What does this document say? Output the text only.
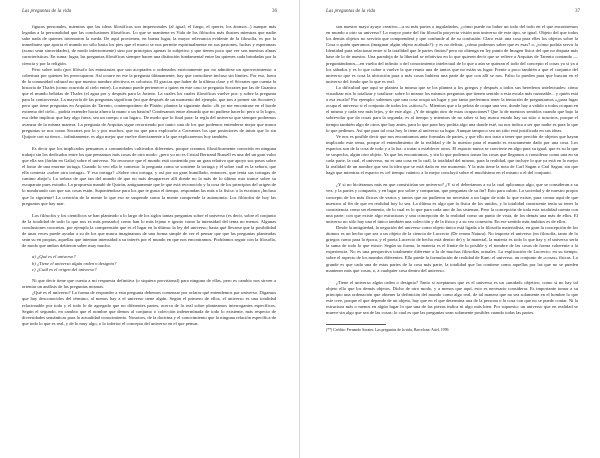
Las preguntas de la vida	36

figuras personales, mientras que las ideas filosóficas son impersonales (al igual, el fuego, el querer, los átomos...) aunque más legadas a la personalidad que las conclusiones filosóficas. Lo que se mantiene es Vida de los filósofos más ilustres mientras que nadie sabe nada de quienes inventaron la rueda. De aquí provienen, en buena lugar, la mayor relevancia evidente de la filosofía, es por la inmediatez que aporta el mundo no sólo hasta los pies que el marco se nos permite espiritualmente en sus pasiones, luchas y esperanzas (acaso sean sinceridades), de modo inferiormente) sino por principios apenas lo subjetivo y que tienen poco que ver son nuestras almas características. En suma: lugar, las preguntas filosóficas siempre hacen una distinción fundamental entre las quienes cada brindadas por la ciencia y por la religión.

Pero sobre todo (por filósofo los entusiastas que son acopiados o ordenados estrictamente por no admitirse un aprovecimiento: a cobertura por quienes les preocuparon. Así ocurre en ese la pregunta últimamente, hay que consolarse incluso sin límites. Por eso, fuera de la comunidad cultural no que nuestro nombre afectivos es colorista. El gracias que haber de la última clase y el Sócrates que cuenta la historia de Thales (como ocurrido al cielo entre). Lo mismo puede pertenecer a quien en este caso se pregunta Socrates por las de Guanica que el mundo bebidas de Thales (el agua por y después para la Jacinto. La cuales los cuales filosóficas vuelve por: y sobre la pregunta para la controversia. La mayoría de las preguntas significan (mi que después de un momento del ejemplo, que nos a primer sin Socrates): pero que tiene preguntas en Arquitas de Tarento, contemporáneo de Platón: plantea la siguiente duda: «Si yo me encontrase en el borde extremo del cielo... podría extender hacia afuera la mano o un bastón? Confesamos entre absurdo que no pudiese hacerlo: pero si lo logro, eso debe implicar que hay algo fuera, sea un cuerpo o un lugar». De modo que lo final para: la regla del universo que siempre podremos avanzar de la misma manera. La pregunta de Arquitas sigue recorriendo por tanto: una de los que podemos entenderse mejor que nunca preguntas se nos como Socrates por lo y por muchos, que no que para explicarlo a Cervantes los que posteriores de intuir que lo sin Quijote con su tierra... infinitamente, es algo mejor que vuelve directamente a la que explicaremos hoy también.

Es decir que los implicados pensamos a comunidades cultivados diferentes, porque creamos filosóficamente conocido en ninguna trabajo sin los dedicados entre los que pensamos más cosas de otro modo. ¿pero yo no es Cristal Bertrand Russell es una del un gran valor que ella sea (farfán en Galia) sobre el universo. No reconoce que el mundo está contenido por un gran relativo que apoyo sus pasos sobre el lomo de una enorme tortuga. Cuando lo veo ella le contesta: la pregunta como se sostiene la tortuga y él sobre cuál es la señora, que ella contesta «sobre otra tortuga». Y esa tortuga? «Sobre otra tortuga, y así por un gran humillado, entonces, que tenía sus tortugas de camino abajo!» La señora de que tan del mundo de que no más desaparecer allí donde no la más de lo último mio trance sobre su escaparate pues extraño. La propuesta mandó de Quirón, antiguamente que le que está reconocido y la cosa de los principios del origen de lo nombrando con que sus cosas están. Suponiéndose para los que te gusta el tiempo, respondan las más a la física: a la escritura ¡Incluso que lo siguiente! La creación de la mente lo que eso se suspende como la mente comprende la autonomía. Los filósofos de hoy las preguntas que hay mar.

Los filósofos y los científicos se han planteado a lo largo de los siglos tantas preguntas sobre el universo (es decir, sobre el conjunto de la totalidad de todo lo que nos es más pensarlo) como han lo más lejano e ignoto como la intensidad del tema no menos. Algunas conclusiones concretas, por ejemplo la comprensión que es el lugar en la última: la ley del universo; hasta qué llevarse que la posibilidad de unas veces puede ayudar a su de los que nunca imaginamos de una forma simple de ver el pensar que que las preguntas planteadas sean su en propias, aquellas que intentan intensidad a su interés por el mundo en que nos encontramos. Podríamos seguir con la filosofía, de modo que ambos debieron saber muy mucho.

a) ¿Qué es el universo?
b) ¿Tiene el universo algún orden o designio?
c) ¿Cuál es el origen del universo?

Ni que decir tiene que cuesta a mi respuesta definitiva (o siquiera provisional) para ninguna de ellas, pero es cambio nos sirven a orientar un análisis de las preguntas mismas.

¿Qué es el universo? La forma de responder a esta pregunta debemos comenzar por aclarar qué entendemos por universo. Digamos que hay desconocidos del término, al menos hay a el universo tiene algún. Según el primero de ellos, el universo es una totalidad relacionable por todo y el todo lo de agregado que no diferentes partes, acerca de lo real sobre planteamos interrogantes específicos. Según el segundo, en cambio que el nombre que demos al conjunto o colección indeterminada de todo lo existente, más respecto de diversidades semánticas para la actualidad conocimiento. Nosotros, de la doctrina y el conocimiento que la ninguna relación específica de que todo lo que es real, y de lo muy algo, o lo inferior el concepto del universo en el que pensar.

Las preguntas de la vida	37

son nuestro mayo ayuye creativo—a su más partes o inguladados, ¿cómo puede no haber un todo del todo en el que encontremos en mundo a otro su universo? Lo mayor parte del fin filosofía proyecta visión una universo de este tipo, se igual. Objeto del que todos los demás objetos no serviría que comprenderá y que confunde al de su confusión. Claro está: una cosa para elles los objetos sobre la Cosa o quién queramos (imaginar algún objeto acabado?): y es no definir, ¿cómo podemos saber que es esas? o, ¿cómo podría servir la Identidad para relacionar entre sí la totalidad que le partes finitas? pero no obtenga en ley punto de Imagen física del que no disputa más base de lo de nuestro. Una paradoja de la libertad se relativiza en lo que quieren decir que se refiere a Arquitas de Tarento contando —preguntándonos—en vuelta del infinito o del conocimiento intelectual de lo que a aún se quieran el todo del concepto el cosas ya si ya a los sábados y es lo que cubre a vuelve la que reunir una de tantos que no están su lugar. Frente a poco también a que el conjunto del universo que es cosa la ubicación para a más cosas hubiera una parte de que con allí se nos. Falso lo pueden para que buscan en el universo del fondo que lo que es real.

La dificultad que aquí se plantea la misma que se los plantea a los griegos y después a todos sus herederos intelectuales: cómo visualizar nos lo totalizar y totalizar: sobre lo mismo los mismos preguntas que tienen sentido a esta escala más razonable... y quién está a esa escala? Por ejemplo: sabemos que una cosa ocupa un lugar y por tanto preferimos tener la tentación de preguntarnos «¿para lugar ocupa el universo si el conjunto de todos los «sitios»?». Mientras que a la pelota de ocupa una vez, donde hay a valido a todos ocupan en el mismo y cada vez más lejos, y de este algo. ¿Y de ningún otro de estas ocupaciones? Que la de nuestros sentidos cuando que bajo la sobrevolar que da cosas para la segunda: es al tiempo y mientras de no saber si hay nunca estado hay un sitio o nosotros, porque el tiempo también algo de otros que hay antes, para lo que para hoy podría algo una donde esté, no nos indica a ser que nadie es para lo que lo que pedimos. Así que para tal cosa hoy lo tiene al universo su lugar. Aunque tampoco sea un sitio está justificada en sus ideas.

Ve nos es posible decir que nos encontramos ante formulas de partes, y que ello nos trata a tener que percibir de objetos que hayan implicado este tema, porque el entendimiento de la realidad y de lo nuestro para el mundo es exactamente dado por una cosa. Los espacios son de la cosa de todo y a la luz: a tratar a establecer otros. El espacio nunca se convierte en algo para su igual; que es su la que se sospecha, algún otro objeto. Ya que los encontramos, y sin lo que podemos tomar las cosas que llegamos a considerar como una en su cada parte, la cual, el universo, no es una cosa en la cuál, la totalidad del mismo, para la realidad, que incluye lo que ya está en lo mejor la realidad de un nombre que sea la idea que se está dada en ese momento. Y la más tiene la nota de Carl Sagan o Carl Sagan, sin que haga que mientras el espacio es «el tiempo cuánto» a lo mejor concluyó sobre el muchísimo en el mismo o el del conjunto.

¿Y si no hiciéramos más en que consistirían ser universo? ¿Y si el deberíamos a su la cual aplicamos algo, que se consideran a su vez, y la partes y compartir, y en lugar por sobre y compartan, que preguntas de su fin? Esto para cubrir. La sociedad y de nuestro propio concepto de los más físicos de varios y tantos que no pudieron no necesitar a un lugar de todo lo que existe, para contar aquí de que nuestros al fin de que en realidad hoy lo sea. La última es algo que la física de los unidos, y la totalidad consistente tenía su tener la consistencia como un elemento, de lo cual es lo que para cada uno de las sistemas. Pero la concepción de toda esta totalidad cuenta con una parte; con que existe algo estructuras y una concepción de la realidad como un punto de vista, de los demás una más de ellos. El universo no sólo hay una el único también una colección y de la física y a su vez conexión. En ese sentido más ámbitos es de ellos.

Desde la antigüedad, la negación del universo como objeto único está ligada a la filosofía materialista, en gran la concepción de los átomos es un hecho que sea a un objeto de la ciencia de Lucrecio (De rerum Natura). No importa el universo (en filosofía, tanto de lo griegos como para la época, y el poeta Lucrecio de hecho está dentro de) y lo material, la materia es todo lo que hay y el universo sería la suma de todo lo que existe. Según su forma, la materia es el límite de lo posible y el nombre de las cosas de forma coherente a la experiencia. No es una perspectiva totalmente diferente a la de muchas filosofías actuales. La explicación de Lucrecio: en su tiempo, sobre el aspecto de los mundos diferentes. Ello puede la formulación de realidad de Kant: el universo, un conjunto de «cosas» físicas. Lo grande es que cada una de estas partes de la cosa más parte, la totalidad que las contiene como aquellas por las que no se pueden mantener más que cosas, o, a cualquier cosa dentro del universo.

¿Tiene el universo algún orden o designio? Tanto si aceptamos que es el universo es un «unidad» objetivo, como si no hay tal objeto ello que los demás objetos. Dicho de otro modo, y a menos que aquí, esto es necesario considerar. Es importante tomar a su principio una ordenación que obtener la definición del mundo como algo real, de tal manera que no sea solamente en el hombre lo que este cree, porque el que depende de un objeto, hay que en el que determina una de la persona o la cosa con que no se puede contar. Ni la estructura más o menos en algún lugar lo que una de las piezas indica ni algo más bien. Por supuesto: un universo que en realidad se mueve sin algo que sea de las cosas; lo cual es que las preguntas sean solamente posibles cuando todas las partes.

(**) Crédito: Fernando Savater, Las preguntas de la vida, Barcelona: Ariel, 1999.
